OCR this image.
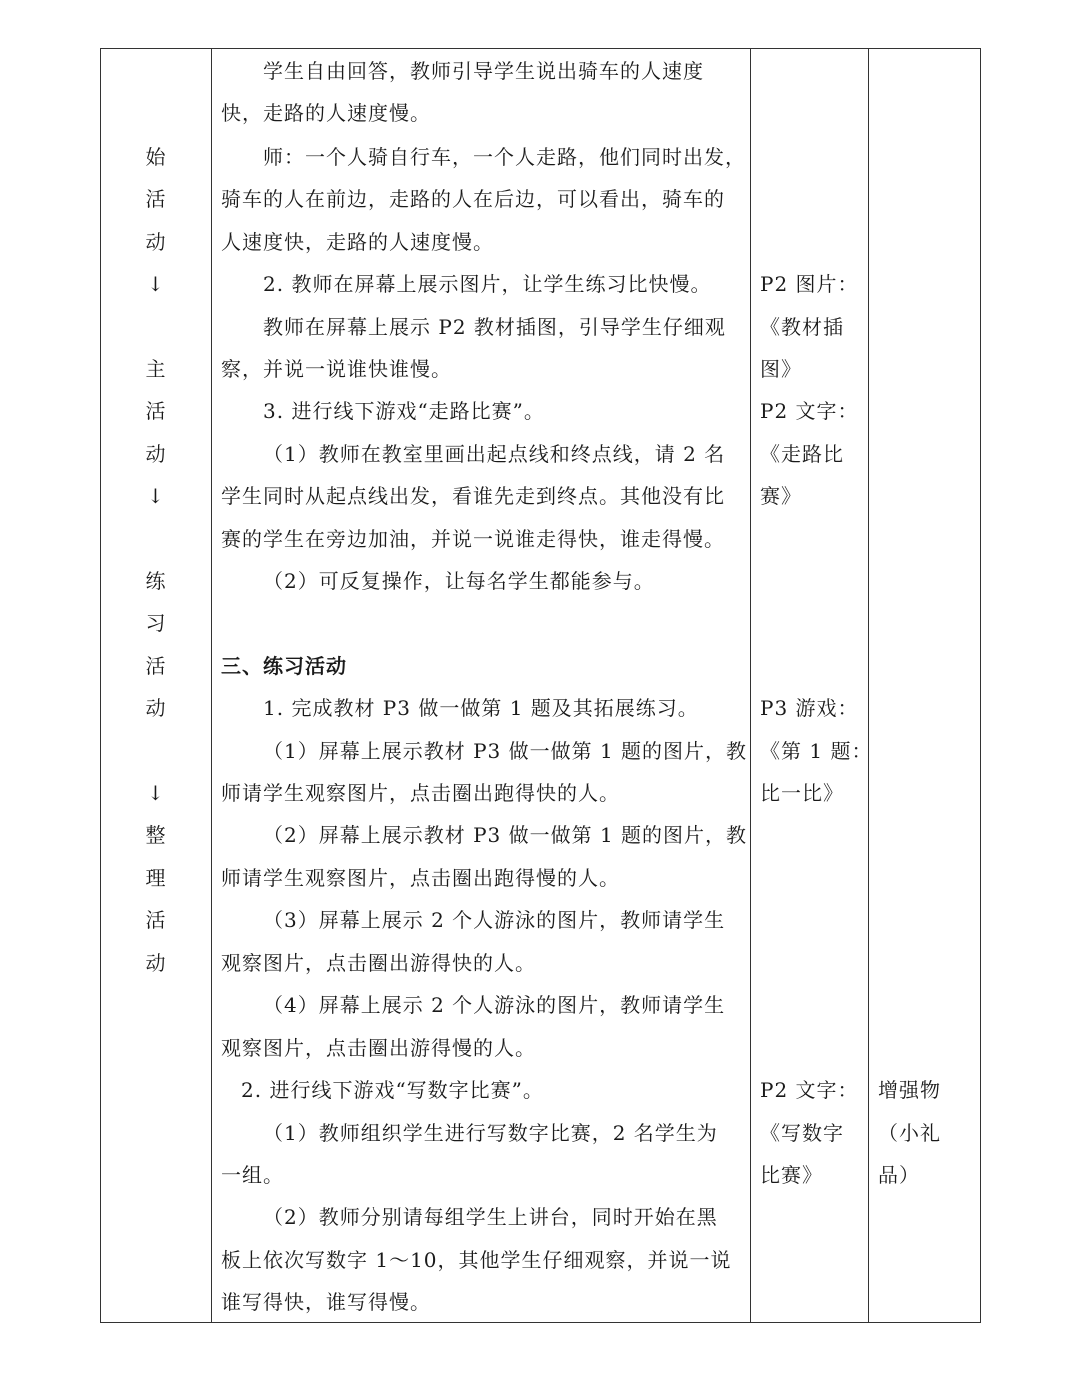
始
活
动
↓
主
活
动
↓
练
习
活
动
↓
整
理
活
动
学生自由回答，教师引导学生说出骑车的人速度
快，走路的人速度慢。
师：一个人骑自行车，一个人走路，他们同时出发，
骑车的人在前边，走路的人在后边，可以看出，骑车的
人速度快，走路的人速度慢。
2. 教师在屏幕上展示图片，让学生练习比快慢。
教师在屏幕上展示 P2 教材插图，引导学生仔细观
察，并说一说谁快谁慢。
3. 进行线下游戏“走路比赛”。
（1）教师在教室里画出起点线和终点线，请 2 名
学生同时从起点线出发，看谁先走到终点。其他没有比
赛的学生在旁边加油，并说一说谁走得快，谁走得慢。
（2）可反复操作，让每名学生都能参与。
三、练习活动
1. 完成教材 P3 做一做第 1 题及其拓展练习。
（1）屏幕上展示教材 P3 做一做第 1 题的图片，教
师请学生观察图片，点击圈出跑得快的人。
（2）屏幕上展示教材 P3 做一做第 1 题的图片，教
师请学生观察图片，点击圈出跑得慢的人。
（3）屏幕上展示 2 个人游泳的图片，教师请学生
观察图片，点击圈出游得快的人。
（4）屏幕上展示 2 个人游泳的图片，教师请学生
观察图片，点击圈出游得慢的人。
2. 进行线下游戏“写数字比赛”。
（1）教师组织学生进行写数字比赛，2 名学生为
一组。
（2）教师分别请每组学生上讲台，同时开始在黑
板上依次写数字 1～10，其他学生仔细观察，并说一说
谁写得快，谁写得慢。
P2 图片：
《教材插
图》
P2 文字：
《走路比
赛》
P3 游戏：
《第 1 题：
比一比》
P2 文字：
《写数字
比赛》
增强物
（小礼
品）
